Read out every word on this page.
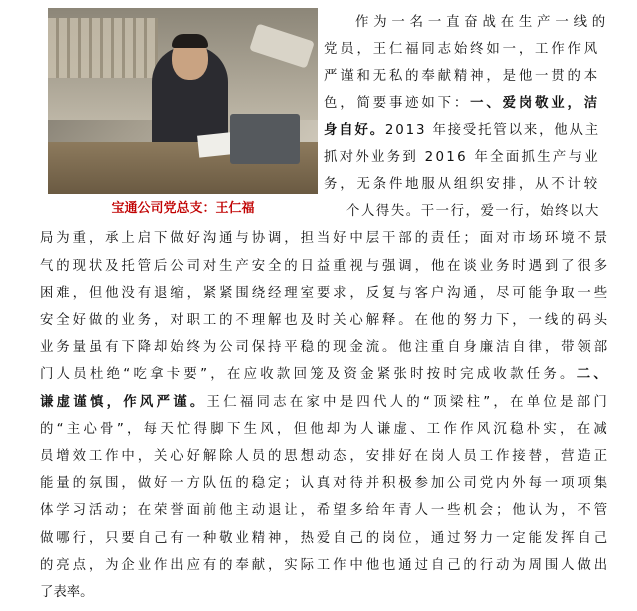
宝通公司党总支：王仁福
作为一名一直奋战在生产一线的
党员，王仁福同志始终如一，工作作风
严谨和无私的奉献精神，是他一贯的本
色，简要事迹如下：一、爱岗敬业，洁
身自好。2013 年接受托管以来，他从主
抓对外业务到 2016 年全面抓生产与业
务，无条件地服从组织安排，从不计较
个人得失。干一行，爱一行，始终以大
局为重，承上启下做好沟通与协调，担当好中层干部的责任；面对市场环境不景
气的现状及托管后公司对生产安全的日益重视与强调，他在谈业务时遇到了很多
困难，但他没有退缩，紧紧围绕经理室要求，反复与客户沟通，尽可能争取一些
安全好做的业务，对职工的不理解也及时关心解释。在他的努力下，一线的码头
业务量虽有下降却始终为公司保持平稳的现金流。他注重自身廉洁自律，带领部
门人员杜绝“吃拿卡要”，在应收款回笼及资金紧张时按时完成收款任务。二、
谦虚谨慎，作风严谨。王仁福同志在家中是四代人的“顶梁柱”，在单位是部门
的“主心骨”，每天忙得脚下生风，但他却为人谦虚、工作作风沉稳朴实，在减
员增效工作中，关心好解除人员的思想动态，安排好在岗人员工作接替，营造正
能量的氛围，做好一方队伍的稳定；认真对待并积极参加公司党内外每一项项集
体学习活动；在荣誉面前他主动退让，希望多给年青人一些机会；他认为，不管
做哪行，只要自己有一种敬业精神，热爱自己的岗位，通过努力一定能发挥自己
的亮点，为企业作出应有的奉献，实际工作中他也通过自己的行动为周围人做出
了表率。
